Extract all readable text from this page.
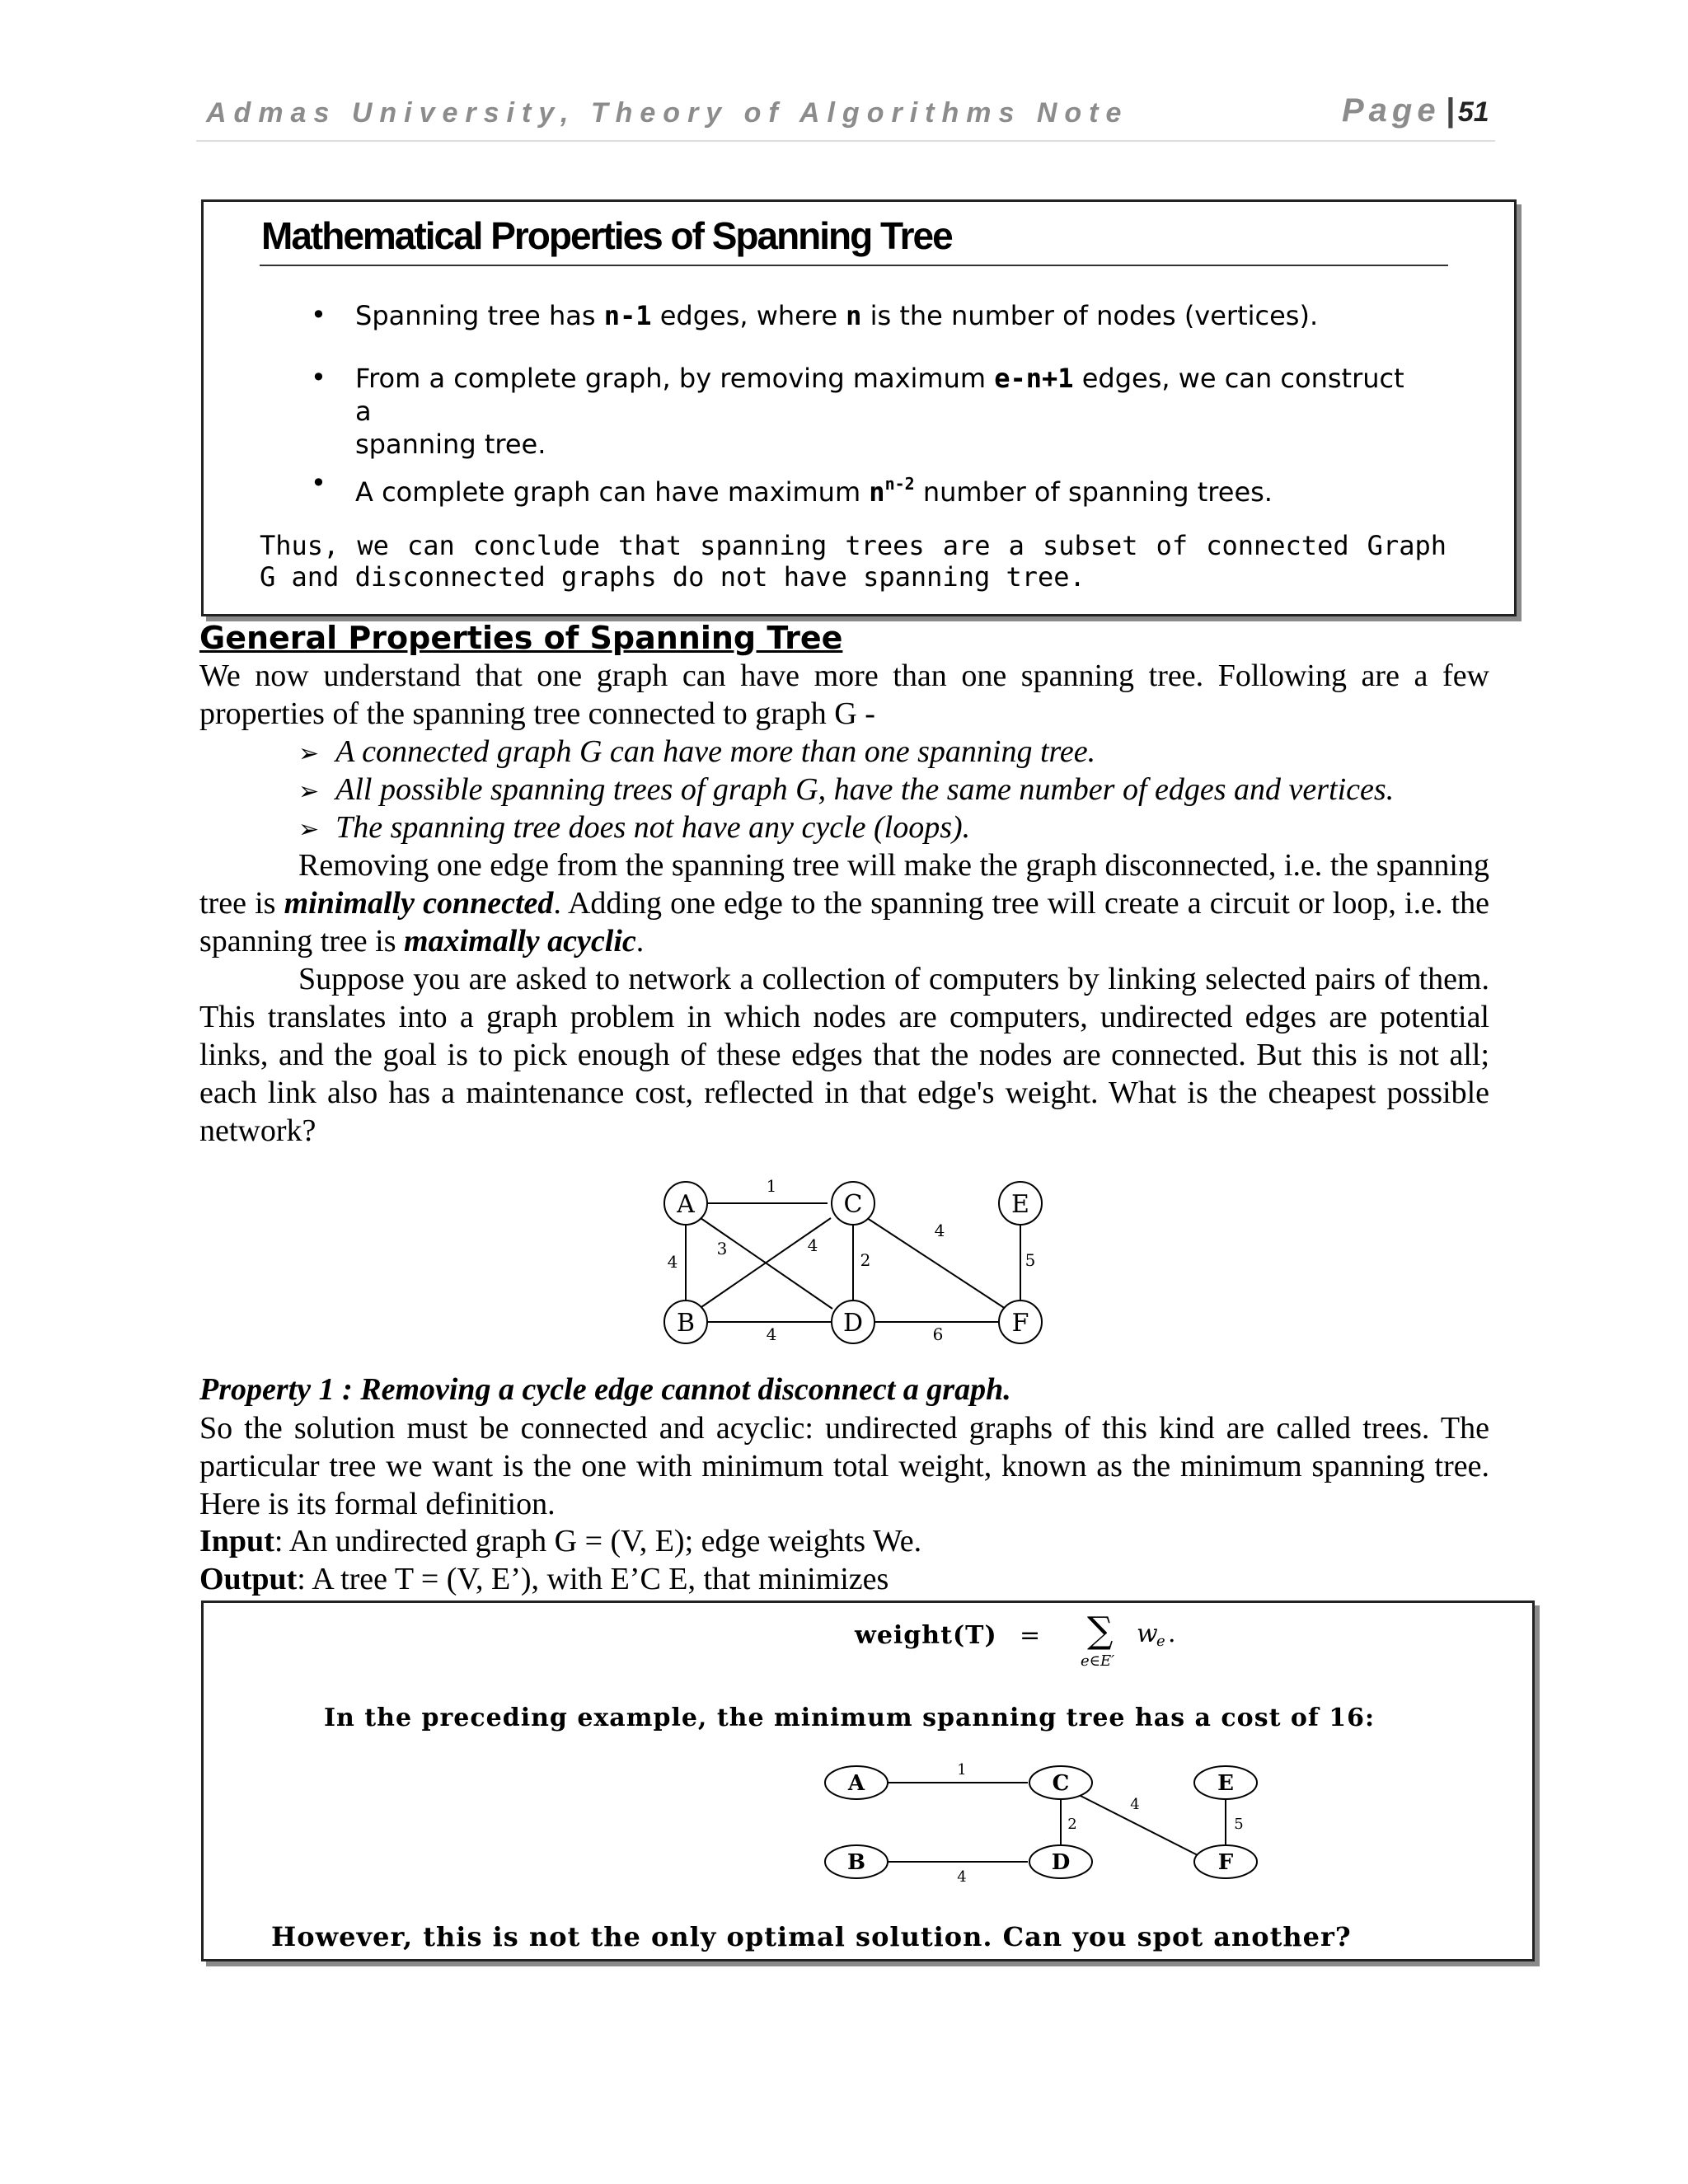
Admas University, Theory of Algorithms Note	Page | 51
Mathematical Properties of Spanning Tree
• Spanning tree has n-1 edges, where n is the number of nodes (vertices).
• From a complete graph, by removing maximum e-n+1 edges, we can construct a
spanning tree.
• A complete graph can have maximum $n^{n-2}$ number of spanning trees.
Thus, we can conclude that spanning trees are a subset of connected Graph G and disconnected graphs do not have spanning tree.
General Properties of Spanning Tree
We now understand that one graph can have more than one spanning tree. Following are a few properties of the spanning tree connected to graph G -
➢ A connected graph G can have more than one spanning tree.
➢ All possible spanning trees of graph G, have the same number of edges and vertices.
➢ The spanning tree does not have any cycle (loops).
Removing one edge from the spanning tree will make the graph disconnected, i.e. the spanning tree is minimally connected. Adding one edge to the spanning tree will create a circuit or loop, i.e. the spanning tree is maximally acyclic.
Suppose you are asked to network a collection of computers by linking selected pairs of them. This translates into a graph problem in which nodes are computers, undirected edges are potential links, and the goal is to pick enough of these edges that the nodes are connected. But this is not all; each link also has a maintenance cost, reflected in that edge's weight. What is the cheapest possible network?
A
B
C
D
E
F
1
4
3	4
2
4
5
4	6
Property 1 : Removing a cycle edge cannot disconnect a graph.
So the solution must be connected and acyclic: undirected graphs of this kind are called trees. The particular tree we want is the one with minimum total weight, known as the minimum spanning tree. Here is its formal definition.
Input: An undirected graph G = (V, E); edge weights We.
Output: A tree T = (V, E’), with E’C E, that minimizes
weight(T) = ∑
e∈E′
w
e .
In the preceding example, the minimum spanning tree has a cost of 16:
A
B
C
D
E
F
1
2
4
5
4
However, this is not the only optimal solution. Can you spot another?
